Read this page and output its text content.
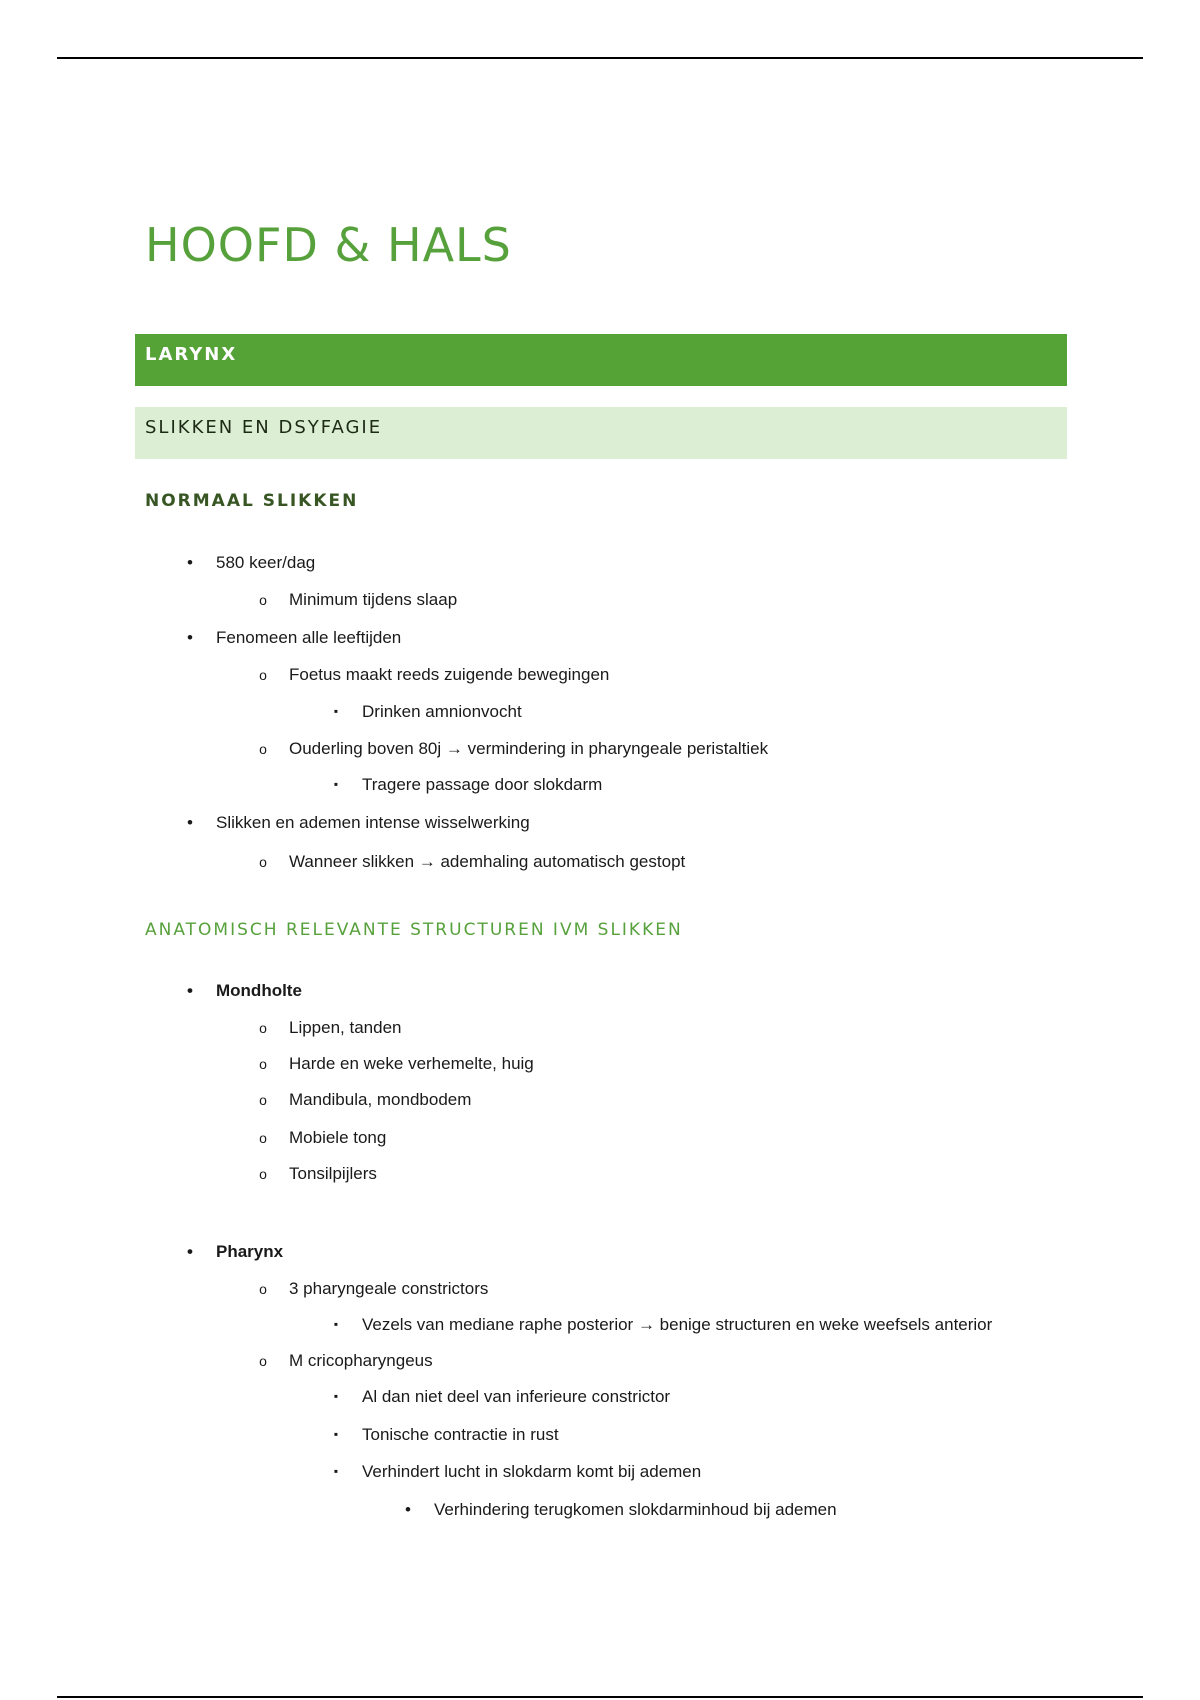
HOOFD & HALS
LARYNX
SLIKKEN EN DSYFAGIE
NORMAAL SLIKKEN
•	580 keer/dag
o	Minimum tijdens slaap
•	Fenomeen alle leeftijden
o	Foetus maakt reeds zuigende bewegingen
▪	Drinken amnionvocht
o	Ouderling boven 80j → vermindering in pharyngeale peristaltiek
▪	Tragere passage door slokdarm
•	Slikken en ademen intense wisselwerking
o	Wanneer slikken → ademhaling automatisch gestopt
ANATOMISCH RELEVANTE STRUCTUREN IVM SLIKKEN
•	Mondholte
o	Lippen, tanden
o	Harde en weke verhemelte, huig
o	Mandibula, mondbodem
o	Mobiele tong
o	Tonsilpijlers
•	Pharynx
o	3 pharyngeale constrictors
▪	Vezels van mediane raphe posterior → benige structuren en weke weefsels anterior
o	M cricopharyngeus
▪	Al dan niet deel van inferieure constrictor
▪	Tonische contractie in rust
▪	Verhindert lucht in slokdarm komt bij ademen
•	Verhindering terugkomen slokdarminhoud bij ademen
